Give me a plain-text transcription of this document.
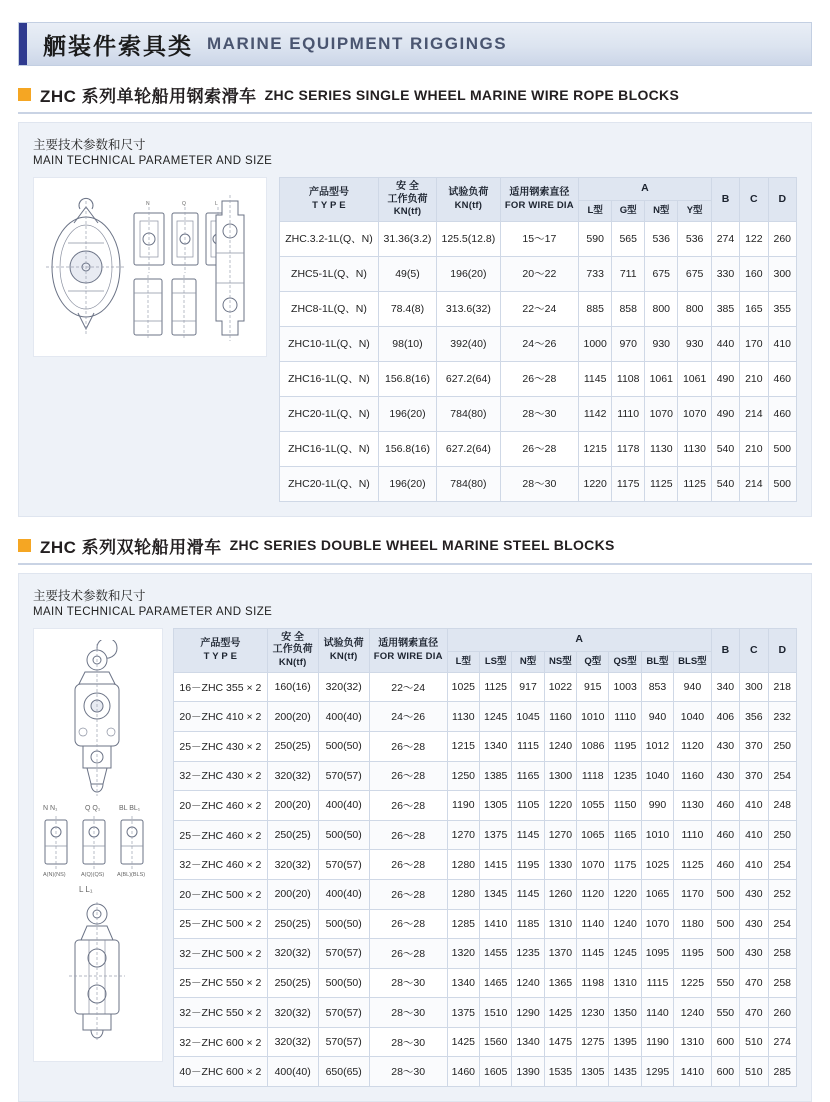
舾装件索具类 MARINE EQUIPMENT RIGGINGS
ZHC 系列单轮船用钢索滑车 ZHC SERIES SINGLE WHEEL MARINE WIRE ROPE BLOCKS
主要技术参数和尺寸
MAIN TECHNICAL PARAMETER AND SIZE
N	Q	L
产品型号
T Y P E	安 全
工作负荷
KN(tf)	试验负荷
KN(tf)	适用钢索直径
FOR WIRE DIA	A				B	C	D
				L型	G型	N型	Y型			
ZHC.3.2-1L(Q、N)	31.36(3.2)	125.5(12.8)	15～17	590	565	536	536	274	122	260
ZHC5-1L(Q、N)	49(5)	196(20)	20～22	733	711	675	675	330	160	300
ZHC8-1L(Q、N)	78.4(8)	313.6(32)	22～24	885	858	800	800	385	165	355
ZHC10-1L(Q、N)	98(10)	392(40)	24～26	1000	970	930	930	440	170	410
ZHC16-1L(Q、N)	156.8(16)	627.2(64)	26～28	1145	1108	1061	1061	490	210	460
ZHC20-1L(Q、N)	196(20)	784(80)	28～30	1142	1110	1070	1070	490	214	460
ZHC16-1L(Q、N)	156.8(16)	627.2(64)	26～28	1215	1178	1130	1130	540	210	500
ZHC20-1L(Q、N)	196(20)	784(80)	28～30	1220	1175	1125	1125	540	214	500
ZHC 系列双轮船用滑车 ZHC SERIES DOUBLE WHEEL MARINE STEEL BLOCKS
主要技术参数和尺寸
MAIN TECHNICAL PARAMETER AND SIZE
N N₁	Q Q₁	BL BL₁
A(N)(NS)	A(Q)(QS) A(BL)(BLS)
L L₁
产品型号
T Y P E	安 全
工作负荷
KN(tf)	试验负荷
KN(tf)	适用钢索直径
FOR WIRE DIA	A								B	C	D
				L型	LS型	N型	NS型	Q型	QS型	BL型	BLS型			
16－ZHC 355 × 2	160(16)	320(32)	22～24	1025	1125	917	1022	915	1003	853	940	340	300	218
20－ZHC 410 × 2	200(20)	400(40)	24～26	1130	1245	1045	1160	1010	1110	940	1040	406	356	232
25－ZHC 430 × 2	250(25)	500(50)	26～28	1215	1340	1115	1240	1086	1195	1012	1120	430	370	250
32－ZHC 430 × 2	320(32)	570(57)	26～28	1250	1385	1165	1300	1118	1235	1040	1160	430	370	254
20－ZHC 460 × 2	200(20)	400(40)	26～28	1190	1305	1105	1220	1055	1150	990	1130	460	410	248
25－ZHC 460 × 2	250(25)	500(50)	26～28	1270	1375	1145	1270	1065	1165	1010	1110	460	410	250
32－ZHC 460 × 2	320(32)	570(57)	26～28	1280	1415	1195	1330	1070	1175	1025	1125	460	410	254
20－ZHC 500 × 2	200(20)	400(40)	26～28	1280	1345	1145	1260	1120	1220	1065	1170	500	430	252
25－ZHC 500 × 2	250(25)	500(50)	26～28	1285	1410	1185	1310	1140	1240	1070	1180	500	430	254
32－ZHC 500 × 2	320(32)	570(57)	26～28	1320	1455	1235	1370	1145	1245	1095	1195	500	430	258
25－ZHC 550 × 2	250(25)	500(50)	28～30	1340	1465	1240	1365	1198	1310	1115	1225	550	470	258
32－ZHC 550 × 2	320(32)	570(57)	28～30	1375	1510	1290	1425	1230	1350	1140	1240	550	470	260
32－ZHC 600 × 2	320(32)	570(57)	28～30	1425	1560	1340	1475	1275	1395	1190	1310	600	510	274
40－ZHC 600 × 2	400(40)	650(65)	28～30	1460	1605	1390	1535	1305	1435	1295	1410	600	510	285
